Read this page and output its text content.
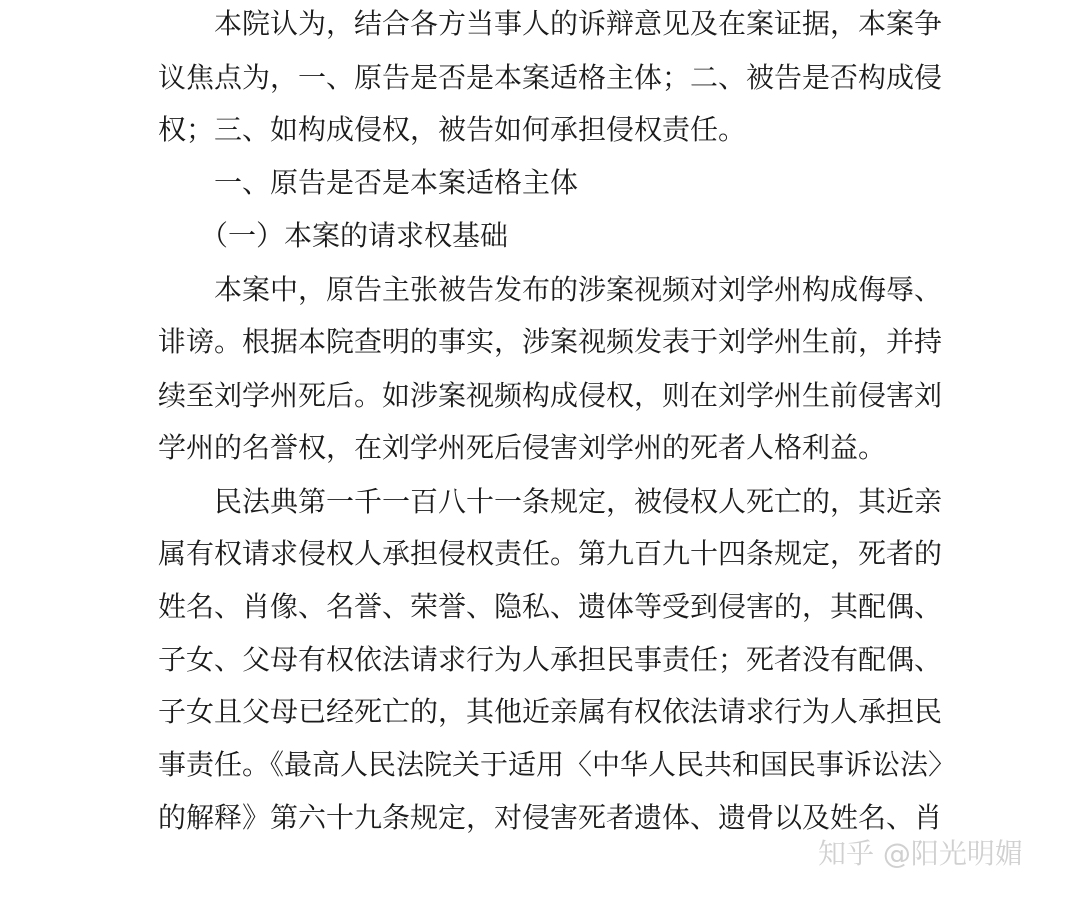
　　本院认为，结合各方当事人的诉辩意见及在案证据，本案争
议焦点为，一、原告是否是本案适格主体；二、被告是否构成侵
权；三、如构成侵权，被告如何承担侵权责任。
　　一、原告是否是本案适格主体
　　（一）本案的请求权基础
　　本案中，原告主张被告发布的涉案视频对刘学州构成侮辱、
诽谤。根据本院查明的事实，涉案视频发表于刘学州生前，并持
续至刘学州死后。如涉案视频构成侵权，则在刘学州生前侵害刘
学州的名誉权，在刘学州死后侵害刘学州的死者人格利益。
　　民法典第一千一百八十一条规定，被侵权人死亡的，其近亲
属有权请求侵权人承担侵权责任。第九百九十四条规定，死者的
姓名、肖像、名誉、荣誉、隐私、遗体等受到侵害的，其配偶、
子女、父母有权依法请求行为人承担民事责任；死者没有配偶、
子女且父母已经死亡的，其他近亲属有权依法请求行为人承担民
事责任。《最高人民法院关于适用〈中华人民共和国民事诉讼法〉
的解释》第六十九条规定，对侵害死者遗体、遗骨以及姓名、肖
知乎 @阳光明媚
